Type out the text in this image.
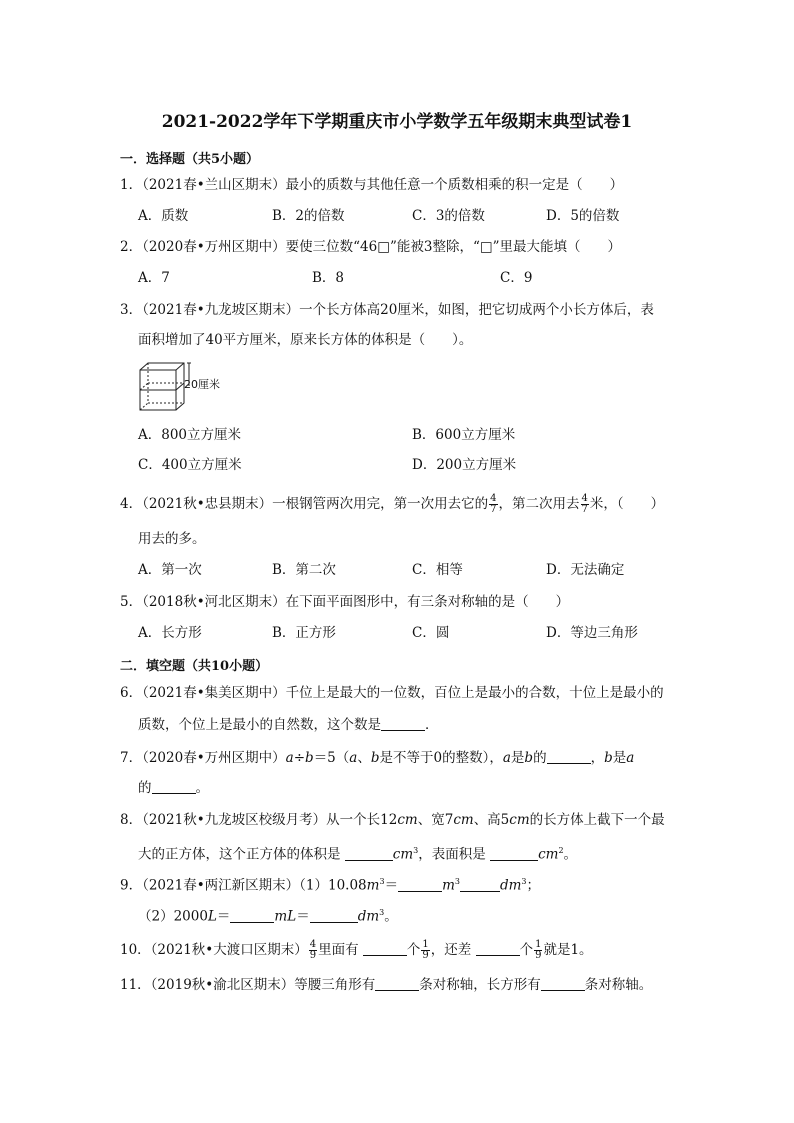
2021-2022学年下学期重庆市小学数学五年级期末典型试卷1
一．选择题（共5小题）
1．（2021春•兰山区期末）最小的质数与其他任意一个质数相乘的积一定是（　　）
A．质数	B．2的倍数	C．3的倍数	D．5的倍数
2．（2020春•万州区期中）要使三位数“46□”能被3整除，“□”里最大能填（　　）
A．7	B．8	C．9
3．（2021春•九龙坡区期末）一个长方体高20厘米，如图，把它切成两个小长方体后，表
面积增加了40平方厘米，原来长方体的体积是（　　）。
20厘米
A．800立方厘米	B．600立方厘米
C．400立方厘米	D．200立方厘米
4．（2021秋•忠县期末）一根钢管两次用完，第一次用去它的 $\frac{4}{7}$ ，第二次用去 $\frac{4}{7}$ 米，（　　）
用去的多。
A．第一次	B．第二次	C．相等	D．无法确定
5．（2018秋•河北区期末）在下面平面图形中，有三条对称轴的是（　　）
A．长方形	B．正方形	C．圆	D．等边三角形
二．填空题（共10小题）
6．（2021春•集美区期中）千位上是最大的一位数，百位上是最小的合数，十位上是最小的
质数，个位上是最小的自然数，这个数是	．
7．（2020春•万州区期中）a÷b＝5（a、b是不等于0的整数），a是b的	，b是a
的	。
8．（2021秋•九龙坡区校级月考）从一个长12cm、宽7cm、高5cm的长方体上截下一个最
大的正方体，这个正方体的体积是	$cm^3$，表面积是	$cm^2$。
9．（2021春•两江新区期末）$(1)10.08m^3=$	$m^3$	$dm^3$；
（2）2000L＝	mL＝	$dm^3$。
10．（2021秋•大渡口区期末） $\frac{4}{9}$ 里面有	个 $\frac{1}{9}$ ，还差	个 $\frac{1}{9}$ 就是1。
11．（2019秋•渝北区期末）等腰三角形有	条对称轴，长方形有	条对称轴。
